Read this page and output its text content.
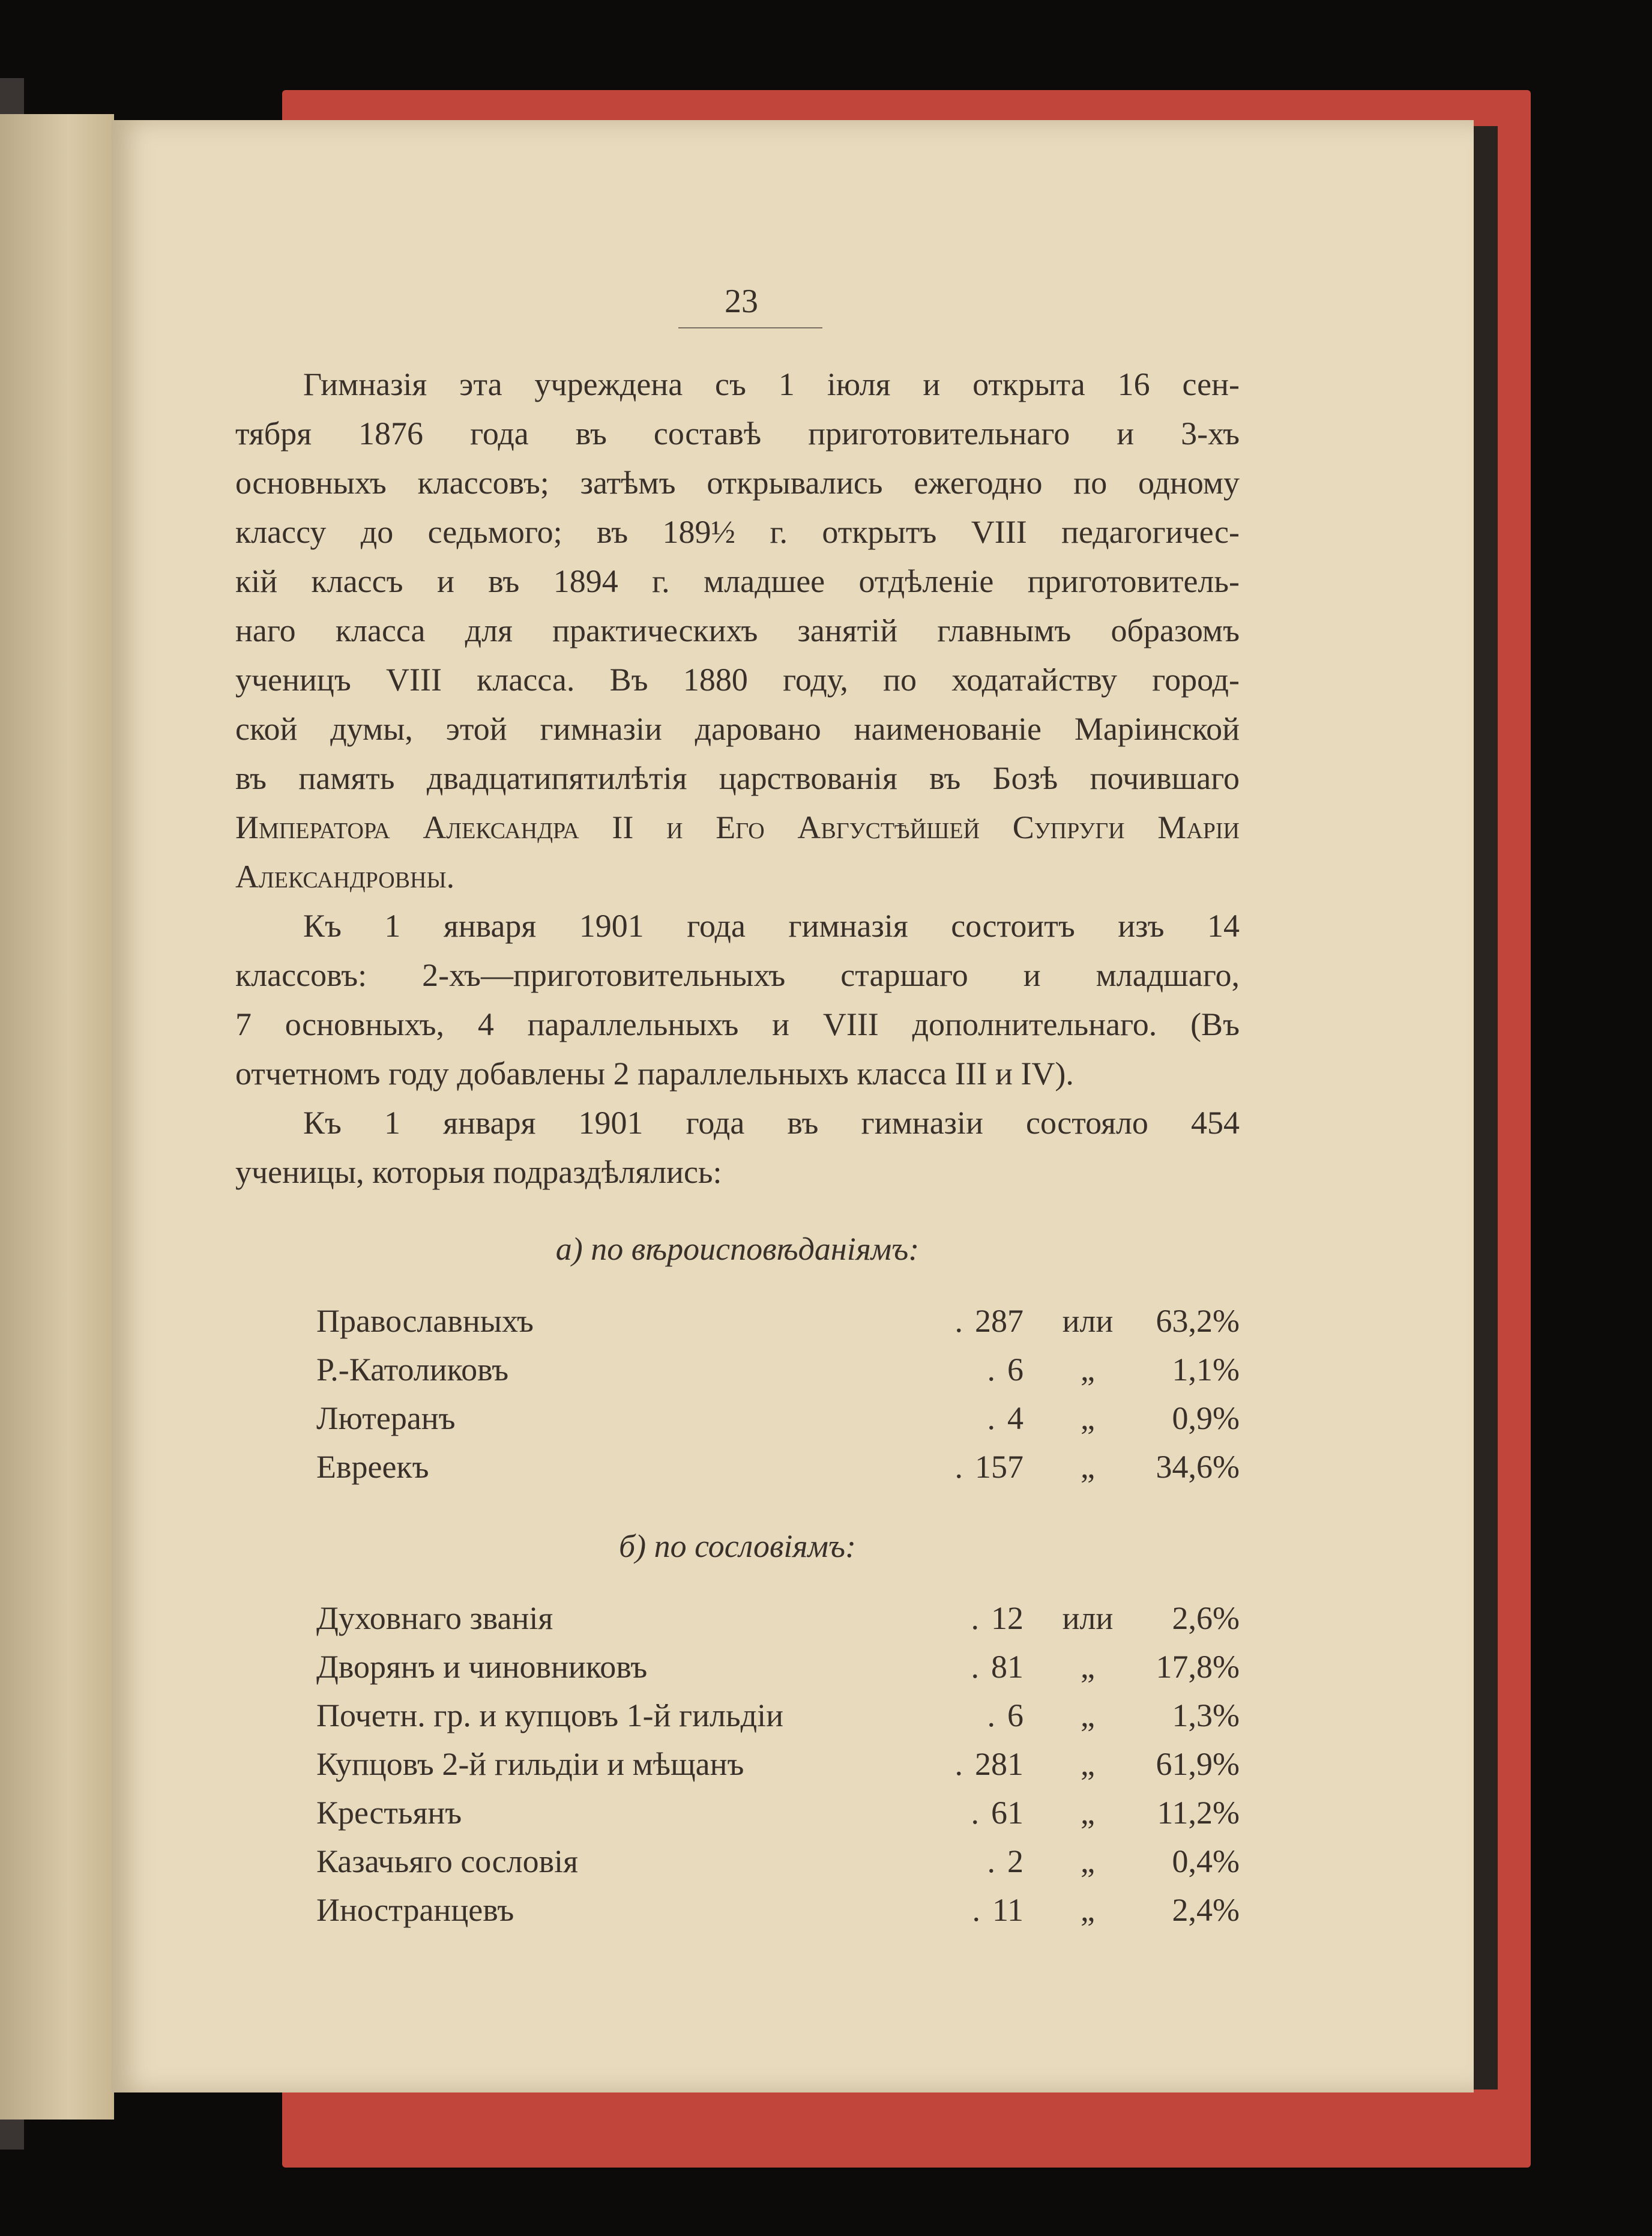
23
Гимназія эта учреждена съ 1 іюля и открыта 16 сен-
тября 1876 года въ составѣ приготовительнаго и 3-хъ
основныхъ классовъ; затѣмъ открывались ежегодно по одному
классу до седьмого; въ 189½ г. открытъ VIII педагогичес-
кій классъ и въ 1894 г. младшее отдѣленіе приготовитель-
наго класса для практическихъ занятій главнымъ образомъ
ученицъ VIII класса. Въ 1880 году, по ходатайству город-
ской думы, этой гимназіи даровано наименованіе Маріинской
въ память двадцатипятилѣтія царствованія въ Бозѣ почившаго
Императора Александра II и Его Августѣйшей Супруги Маріи
Александровны.
Къ 1 января 1901 года гимназія состоитъ изъ 14
классовъ: 2-хъ—приготовительныхъ старшаго и младшаго,
7 основныхъ, 4 параллельныхъ и VIII дополнительнаго. (Въ
отчетномъ году добавлены 2 параллельныхъ класса III и IV).
Къ 1 января 1901 года въ гимназіи состояло 454
ученицы, которыя подраздѣлялись:
а) по вѣроисповѣданіямъ:
Православныхъ	. 287	или	63,2%
Р.-Католиковъ	. 6	„	1,1%
Лютеранъ	. 4	„	0,9%
Евреекъ	. 157	„	34,6%
б) по сословіямъ:
Духовнаго званія	. 12	или	2,6%
Дворянъ и чиновниковъ	. 81	„	17,8%
Почетн. гр. и купцовъ 1-й гильдіи	. 6	„	1,3%
Купцовъ 2-й гильдіи и мѣщанъ	. 281	„	61,9%
Крестьянъ	. 61	„	11,2%
Казачьяго сословія	. 2	„	0,4%
Иностранцевъ	. 11	„	2,4%
